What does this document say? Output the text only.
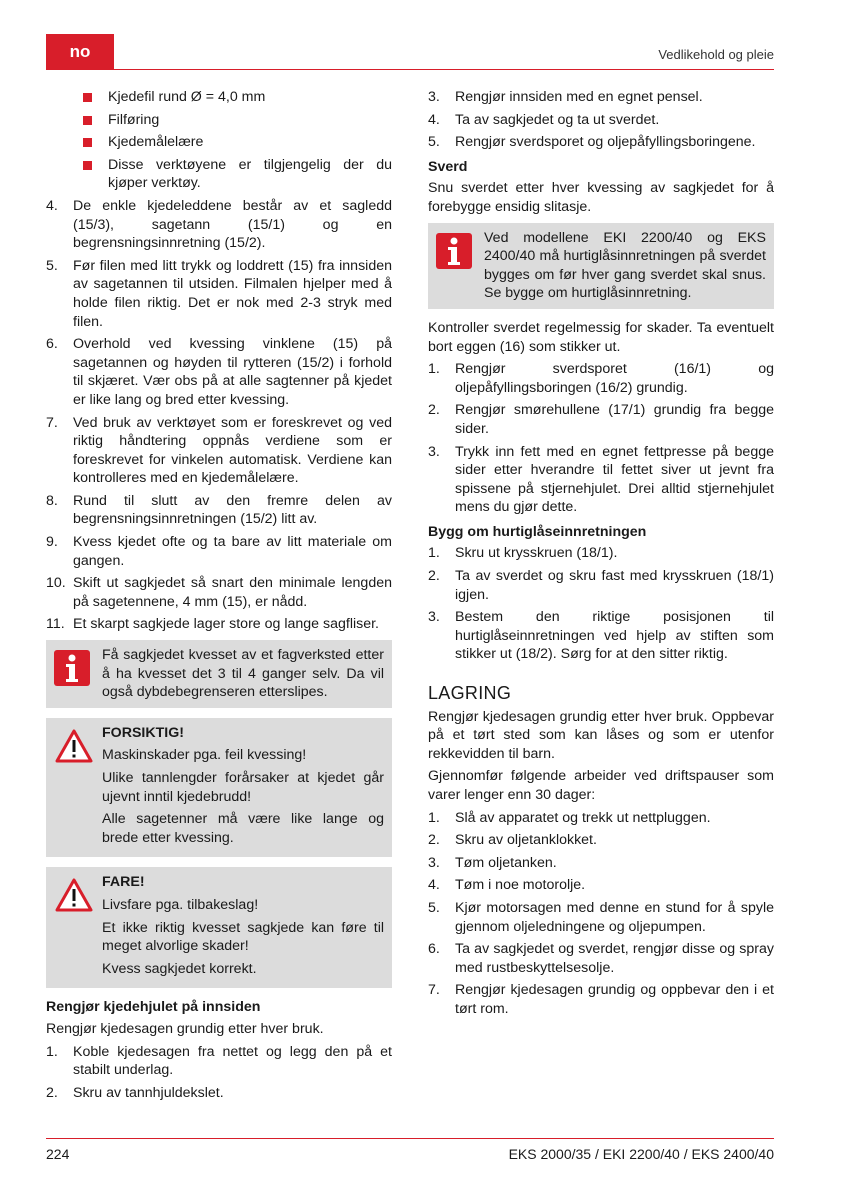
no	Vedlikehold og pleie
Kjedefil rund Ø = 4,0 mm
Filføring
Kjedemålelære
Disse verktøyene er tilgjengelig der du kjøper verktøy.
4. De enkle kjedeleddene består av et sagledd (15/3), sagetann (15/1) og en begrensningsinnretning (15/2).
5. Før filen med litt trykk og loddrett (15) fra innsiden av sagetannen til utsiden. Filmalen hjelper med å holde filen riktig. Det er nok med 2-3 stryk med filen.
6. Overhold ved kvessing vinklene (15) på sagetannen og høyden til rytteren (15/2) i forhold til skjæret. Vær obs på at alle sagtenner på kjedet er like lang og bred etter kvessing.
7. Ved bruk av verktøyet som er foreskrevet og ved riktig håndtering oppnås verdiene som er foreskrevet for vinkelen automatisk. Verdiene kan kontrolleres med en kjedemålelære.
8. Rund til slutt av den fremre delen av begrensningsinnretningen (15/2) litt av.
9. Kvess kjedet ofte og ta bare av litt materiale om gangen.
10. Skift ut sagkjedet så snart den minimale lengden på sagetennene, 4 mm (15), er nådd.
11. Et skarpt sagkjede lager store og lange sagfliser.
Få sagkjedet kvesset av et fagverksted etter å ha kvesset det 3 til 4 ganger selv. Da vil også dybdebegrenseren etterslipes.

FORSIKTIG!

Maskinskader pga. feil kvessing!

Ulike tannlengder forårsaker at kjedet går ujevnt inntil kjedebrudd!

Alle sagetenner må være like lange og brede etter kvessing.

FARE!

Livsfare pga. tilbakeslag!

Et ikke riktig kvesset sagkjede kan føre til meget alvorlige skader!

Kvess sagkjedet korrekt.

Rengjør kjedehjulet på innsiden

Rengjør kjedesagen grundig etter hver bruk.

1. Koble kjedesagen fra nettet og legg den på et stabilt underlag.
2. Skru av tannhjuldekslet.
3. Rengjør innsiden med en egnet pensel.
4. Ta av sagkjedet og ta ut sverdet.
5. Rengjør sverdsporet og oljepåfyllingsboringene.
Sverd

Snu sverdet etter hver kvessing av sagkjedet for å forebygge ensidig slitasje.

Ved modellene EKI 2200/40 og EKS 2400/40 må hurtiglåsinnretningen på sverdet bygges om før hver gang sverdet skal snus. Se bygge om hurtiglåsinnretning.

Kontroller sverdet regelmessig for skader. Ta eventuelt bort eggen (16) som stikker ut.

1. Rengjør sverdsporet (16/1) og oljepåfyllingsboringen (16/2) grundig.
2. Rengjør smørehullene (17/1) grundig fra begge sider.
3. Trykk inn fett med en egnet fettpresse på begge sider etter hverandre til fettet siver ut jevnt fra spissene på stjernehjulet. Drei alltid stjernehjulet mens du gjør dette.
Bygg om hurtiglåseinnretningen
1. Skru ut krysskruen (18/1).
2. Ta av sverdet og skru fast med krysskruen (18/1) igjen.
3. Bestem den riktige posisjonen til hurtiglåseinnretningen ved hjelp av stiften som stikker ut (18/2). Sørg for at den sitter riktig.
LAGRING

Rengjør kjedesagen grundig etter hver bruk. Oppbevar på et tørt sted som kan låses og som er utenfor rekkevidden til barn.

Gjennomfør følgende arbeider ved driftspauser som varer lenger enn 30 dager:

1. Slå av apparatet og trekk ut nettpluggen.
2. Skru av oljetanklokket.
3. Tøm oljetanken.
4. Tøm i noe motorolje.
5. Kjør motorsagen med denne en stund for å spyle gjennom oljeledningene og oljepumpen.
6. Ta av sagkjedet og sverdet, rengjør disse og spray med rustbeskyttelsesolje.
7. Rengjør kjedesagen grundig og oppbevar den i et tørt rom.
224	EKS 2000/35 / EKI 2200/40 / EKS 2400/40
